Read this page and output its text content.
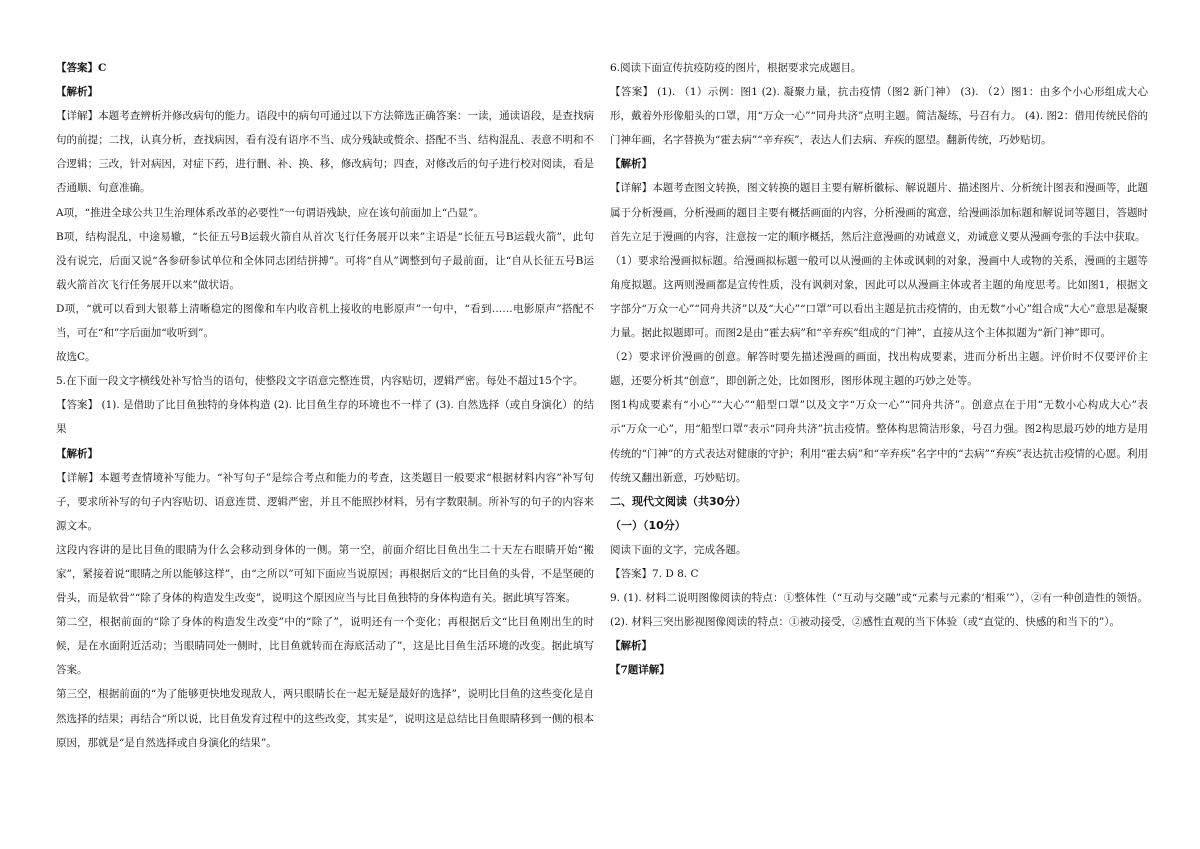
【答案】C

【解析】

【详解】本题考查辨析并修改病句的能力。语段中的病句可通过以下方法筛选正确答案：一读，通读语段，是查找病句的前提；二找，认真分析，查找病因，看有没有语序不当、成分残缺或赘余、搭配不当、结构混乱、表意不明和不合逻辑；三改，针对病因，对症下药，进行删、补、换、移，修改病句；四查，对修改后的句子进行校对阅读，看是否通顺、句意准确。

A项，“推进全球公共卫生治理体系改革的必要性”一句谓语残缺，应在该句前面加上“凸显”。

B项，结构混乱，中途易辙，“长征五号B运载火箭自从首次飞行任务展开以来”主语是“长征五号B运载火箭”，此句没有说完，后面又说“各参研参试单位和全体同志团结拼搏”。可将“自从”调整到句子最前面，让“自从长征五号B运载火箭首次飞行任务展开以来”做状语。

D项，“就可以看到大银幕上清晰稳定的图像和车内收音机上接收的电影原声”一句中，“看到……电影原声”搭配不当，可在“和”字后面加“收听到”。

故选C。

5.在下面一段文字横线处补写恰当的语句，使整段文字语意完整连贯，内容贴切，逻辑严密。每处不超过15个字。

【答案】 (1). 是借助了比目鱼独特的身体构造 (2). 比目鱼生存的环境也不一样了 (3). 自然选择（或自身演化）的结果

【解析】

【详解】本题考查情境补写能力。“补写句子”是综合考点和能力的考查，这类题目一般要求“根据材料内容”补写句子，要求所补写的句子内容贴切、语意连贯、逻辑严密，并且不能照抄材料，另有字数限制。所补写的句子的内容来源文本。

这段内容讲的是比目鱼的眼睛为什么会移动到身体的一侧。第一空，前面介绍比目鱼出生二十天左右眼睛开始“搬家”，紧接着说“眼睛之所以能够这样”，由“之所以”可知下面应当说原因；再根据后文的“比目鱼的头骨，不是坚硬的骨头，而是软骨”“除了身体的构造发生改变”，说明这个原因应当与比目鱼独特的身体构造有关。据此填写答案。

第二空，根据前面的“除了身体的构造发生改变”中的“除了”，说明还有一个变化；再根据后文“比目鱼刚出生的时候，是在水面附近活动；当眼睛同处一侧时，比目鱼就转而在海底活动了”，这是比目鱼生活环境的改变。据此填写答案。

第三空，根据前面的“为了能够更快地发现敌人，两只眼睛长在一起无疑是最好的选择”，说明比目鱼的这些变化是自然选择的结果；再结合“所以说，比目鱼发育过程中的这些改变，其实是”，说明这是总结比目鱼眼睛移到一侧的根本原因，那就是“是自然选择或自身演化的结果”。

6.阅读下面宣传抗疫防疫的图片，根据要求完成题目。

【答案】 (1). （1）示例：图1 (2). 凝聚力量，抗击疫情（图2 新门神） (3). （2）图1：由多个小心形组成大心形，戴着外形像船头的口罩，用“万众一心”“同舟共济”点明主题。简洁凝练，号召有力。 (4). 图2：借用传统民俗的门神年画，名字替换为“霍去病”“辛弃疾”，表达人们去病、弃疾的愿望。翻新传统，巧妙贴切。

【解析】

【详解】本题考查图文转换，图文转换的题目主要有解析徽标、解说题片、描述图片、分析统计图表和漫画等，此题属于分析漫画，分析漫画的题目主要有概括画面的内容，分析漫画的寓意，给漫画添加标题和解说词等题目，答题时首先立足于漫画的内容，注意按一定的顺序概括，然后注意漫画的劝诫意义，劝诫意义要从漫画夸张的手法中获取。

（1）要求给漫画拟标题。给漫画拟标题一般可以从漫画的主体或讽刺的对象，漫画中人或物的关系，漫画的主题等角度拟题。这两则漫画都是宣传性质，没有讽刺对象，因此可以从漫画主体或者主题的角度思考。比如图1，根据文字部分“万众一心”“同舟共济”以及“大心”“口罩”可以看出主题是抗击疫情的，由无数“小心”组合成“大心”意思是凝聚力量。据此拟题即可。而图2是由“霍去病”和“辛弃疾”组成的“门神”，直接从这个主体拟题为“新门神”即可。

（2）要求评价漫画的创意。解答时要先描述漫画的画面，找出构成要素，进而分析出主题。评价时不仅要评价主题，还要分析其“创意”，即创新之处，比如图形，图形体现主题的巧妙之处等。

图1构成要素有“小心”“大心”“船型口罩”以及文字“万众一心”“同舟共济”。创意点在于用“无数小心构成大心”表示“万众一心”，用“船型口罩”表示“同舟共济”抗击疫情。整体构思简洁形象，号召力强。图2构思最巧妙的地方是用传统的“门神”的方式表达对健康的守护；利用“霍去病”和“辛弃疾”名字中的“去病”“弃疾”表达抗击疫情的心愿。利用传统又翻出新意，巧妙贴切。

二、现代文阅读（共30分）

（一）（10分）

阅读下面的文字，完成各题。

【答案】7. D 8. C

9. (1). 材料二说明图像阅读的特点：①整体性（“互动与交融”或“元素与元素的‘相乘’”），②有一种创造性的领悟。 (2). 材料三突出影视图像阅读的特点：①被动接受，②感性直观的当下体验（或“直觉的、快感的和当下的”）。

【解析】

【7题详解】
